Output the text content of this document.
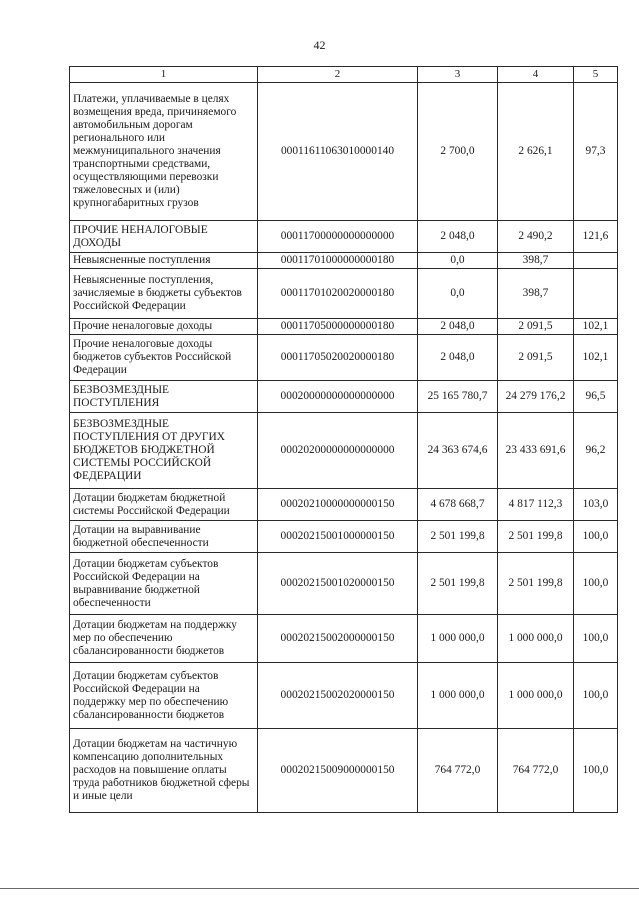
42
1	2	3	4	5
Платежи, уплачиваемые в целях возмещения вреда, причиняемого автомобильным дорогам регионального или межмуниципального значения транспортными средствами, осуществляющими перевозки тяжеловесных и (или) крупногабаритных грузов	00011611063010000140	2 700,0	2 626,1	97,3
ПРОЧИЕ НЕНАЛОГОВЫЕ ДОХОДЫ	00011700000000000000	2 048,0	2 490,2	121,6
Невыясненные поступления	00011701000000000180	0,0	398,7	
Невыясненные поступления, зачисляемые в бюджеты субъектов Российской Федерации	00011701020020000180	0,0	398,7	
Прочие неналоговые доходы	00011705000000000180	2 048,0	2 091,5	102,1
Прочие неналоговые доходы бюджетов субъектов Российской Федерации	00011705020020000180	2 048,0	2 091,5	102,1
БЕЗВОЗМЕЗДНЫЕ ПОСТУПЛЕНИЯ	00020000000000000000	25 165 780,7	24 279 176,2	96,5
БЕЗВОЗМЕЗДНЫЕ ПОСТУПЛЕНИЯ ОТ ДРУГИХ БЮДЖЕТОВ БЮДЖЕТНОЙ СИСТЕМЫ РОССИЙСКОЙ ФЕДЕРАЦИИ	00020200000000000000	24 363 674,6	23 433 691,6	96,2
Дотации бюджетам бюджетной системы Российской Федерации	00020210000000000150	4 678 668,7	4 817 112,3	103,0
Дотации на выравнивание бюджетной обеспеченности	00020215001000000150	2 501 199,8	2 501 199,8	100,0
Дотации бюджетам субъектов Российской Федерации на выравнивание бюджетной обеспеченности	00020215001020000150	2 501 199,8	2 501 199,8	100,0
Дотации бюджетам на поддержку мер по обеспечению сбалансированности бюджетов	00020215002000000150	1 000 000,0	1 000 000,0	100,0
Дотации бюджетам субъектов Российской Федерации на поддержку мер по обеспечению сбалансированности бюджетов	00020215002020000150	1 000 000,0	1 000 000,0	100,0
Дотации бюджетам на частичную компенсацию дополнительных расходов на повышение оплаты труда работников бюджетной сферы и иные цели	00020215009000000150	764 772,0	764 772,0	100,0
